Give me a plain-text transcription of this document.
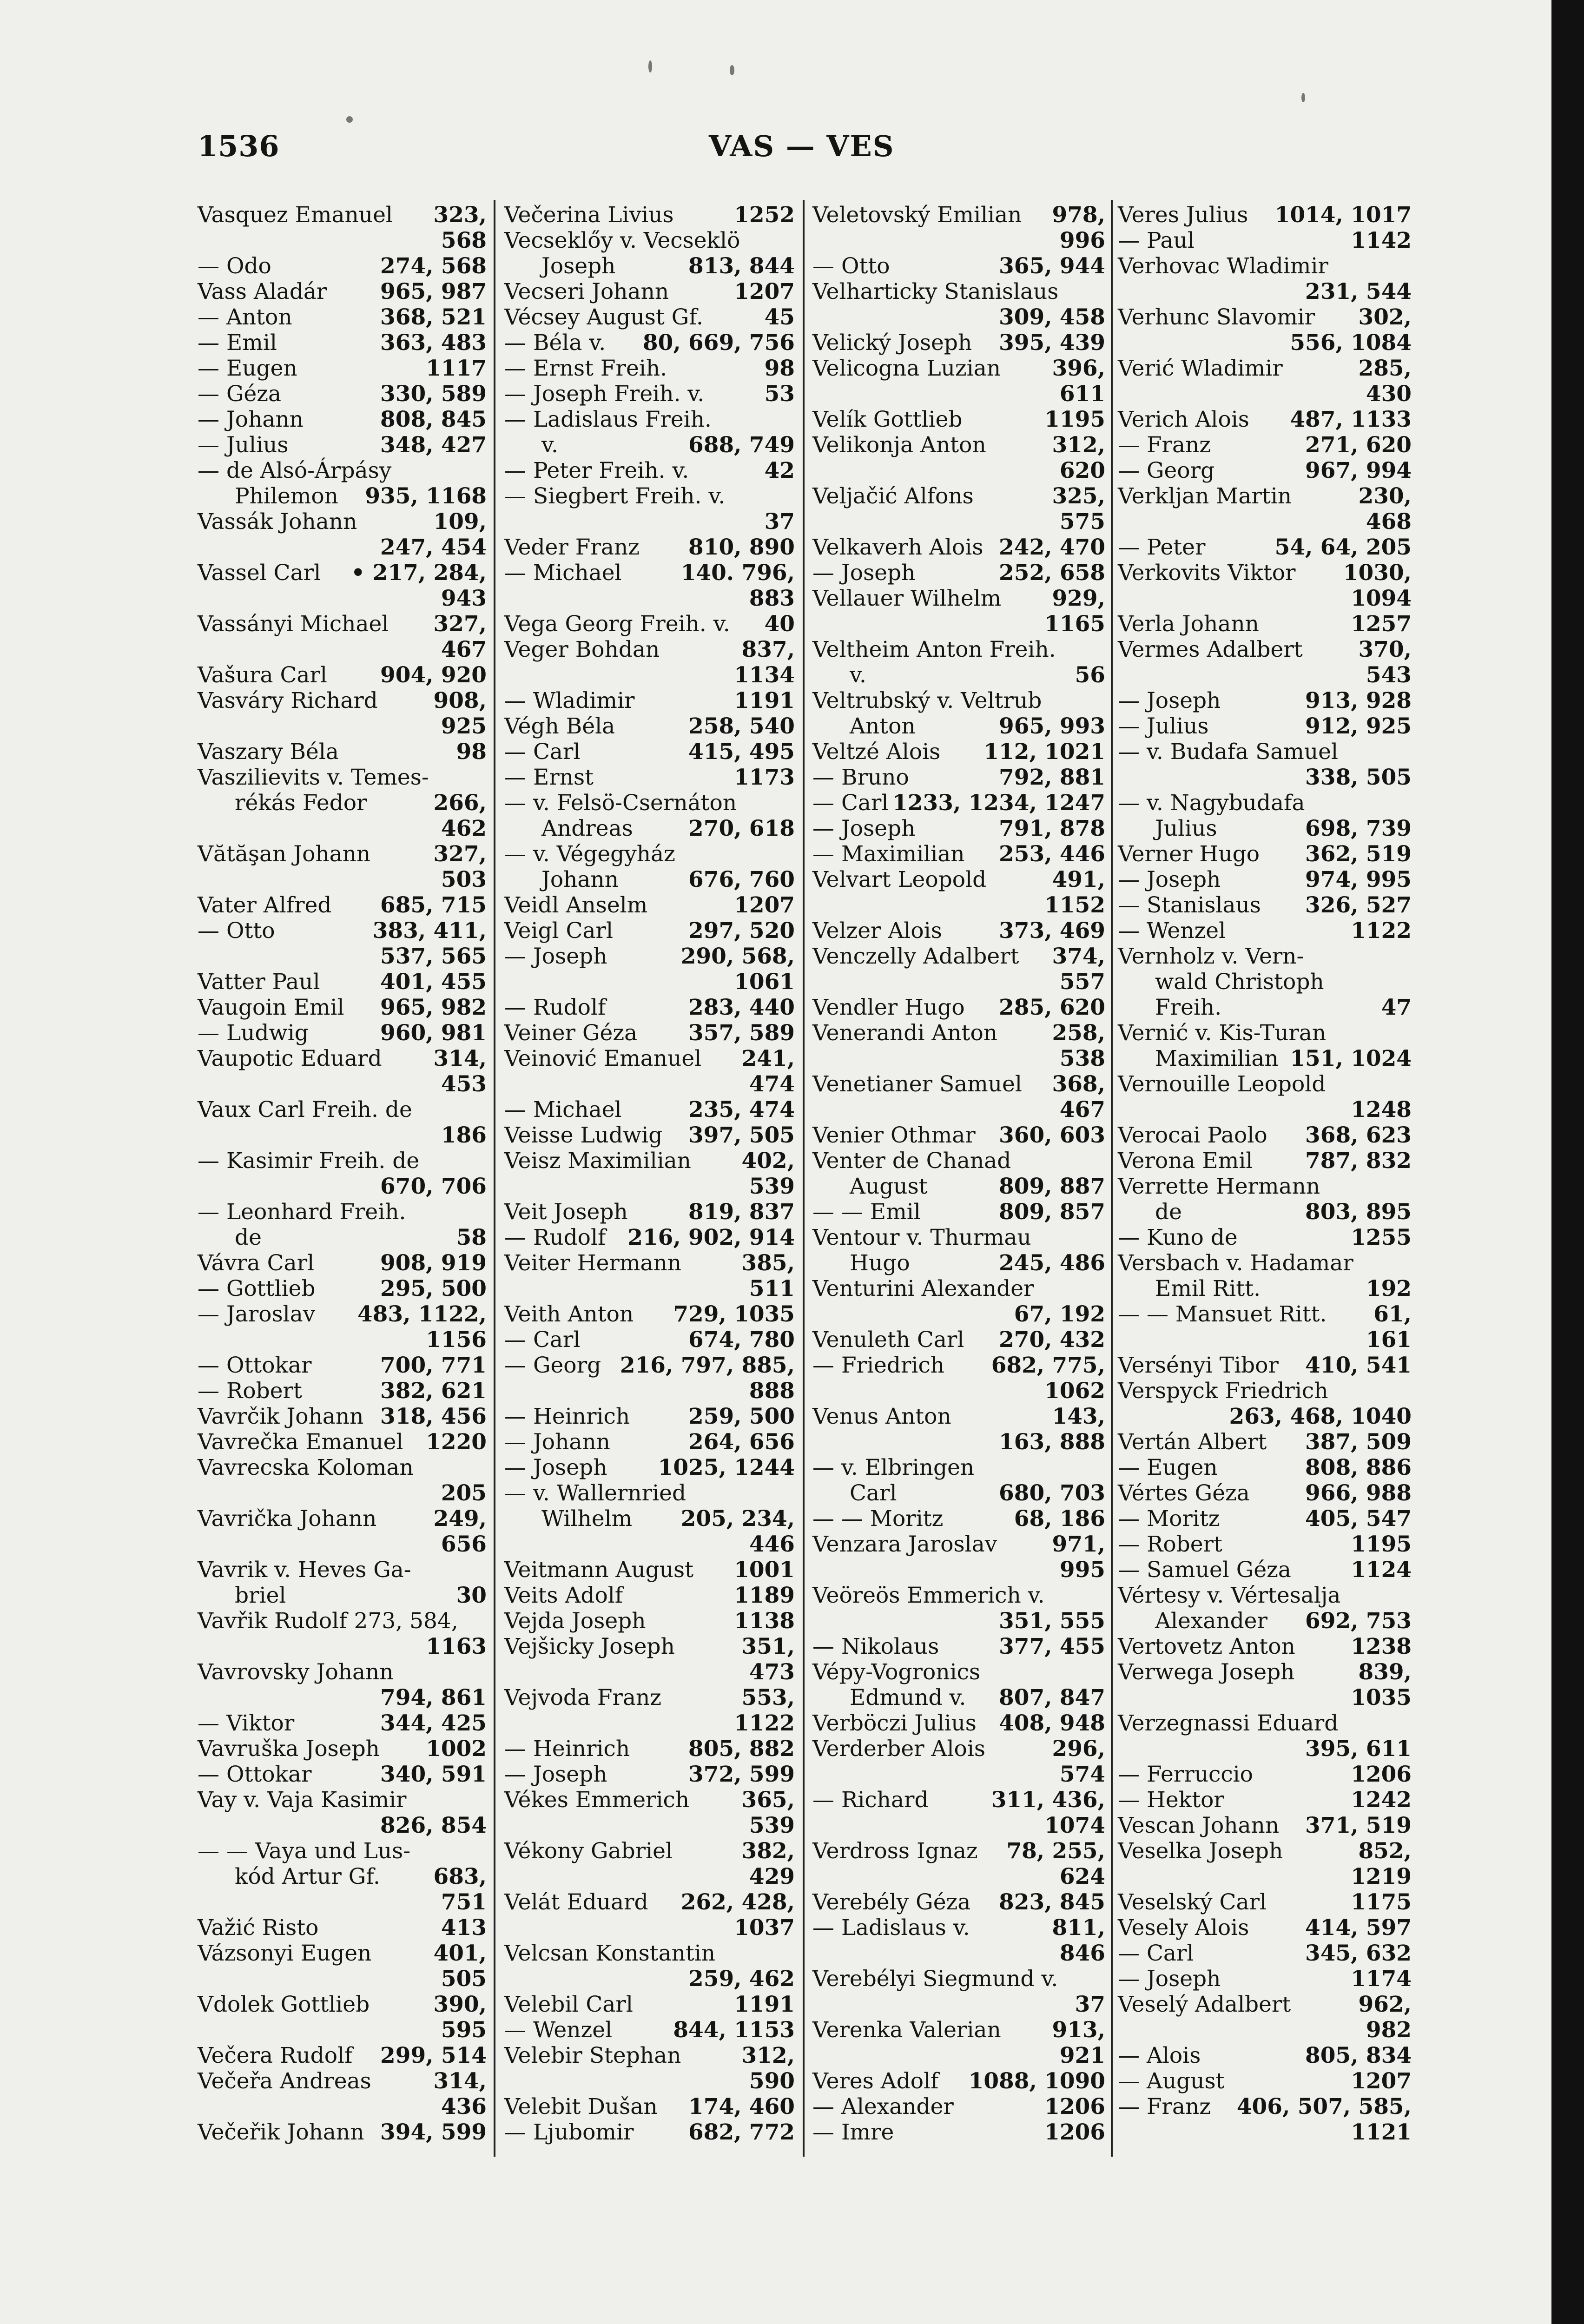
1536	VAS — VES
Vasquez Emanuel 323,
568
— Odo	274, 568
Vass Aladár 965, 987
— Anton	368, 521
— Emil	363, 483
— Eugen	1117
— Géza	330, 589
— Johann	808, 845
— Julius	348, 427
— de Alsó-Árpásy
Philemon 935, 1168
Vassák Johann	109,
247, 454
Vassel Carl • 217, 284,
943
Vassányi Michael 327,
467
Vašura Carl 904, 920
Vasváry Richard	908,
925
Vaszary Béla	98
Vaszilievits v. Temes-
rékás Fedor	266,
462
Vătăşan Johann	327,
503
Vater Alfred 685, 715
— Otto	383, 411,
537, 565
Vatter Paul	401, 455
Vaugoin Emil 965, 982
— Ludwig	960, 981
Vaupotic Eduard 314,
453
Vaux Carl Freih. de
186
— Kasimir Freih. de
670, 706
— Leonhard Freih.
de	58
Vávra Carl	908, 919
— Gottlieb	295, 500
— Jaroslav 483, 1122,
1156
— Ottokar	700, 771
— Robert	382, 621
Vavrčik Johann 318, 456
Vavrečka Emanuel 1220
Vavrecska Koloman
205
Vavrička Johann	249,
656
Vavrik v. Heves Ga-
briel	30
Vavřik Rudolf 273, 584,
1163
Vavrovsky Johann
794, 861
— Viktor	344, 425
Vavruška Joseph 1002
— Ottokar	340, 591
Vay v. Vaja Kasimir
826, 854
— — Vaya und Lus-
kód Artur Gf. 683,
751
Važić Risto	413
Vázsonyi Eugen	401,
505
Vdolek Gottlieb	390,
595
Večera Rudolf 299, 514
Večeřa Andreas	314,
436
Večeřik Johann 394, 599
Večerina Livius	1252
Vecseklőy v. Vecseklö
Joseph	813, 844
Vecseri Johann	1207
Vécsey August Gf.	45
— Béla v. 80, 669, 756
— Ernst Freih.	98
— Joseph Freih. v.	53
— Ladislaus Freih.
v.	688, 749
— Peter Freih. v.	42
— Siegbert Freih. v.
37
Veder Franz 810, 890
— Michael	140. 796,
883
Vega Georg Freih. v. 40
Veger Bohdan	837,
1134
— Wladimir	1191
Végh Béla	258, 540
— Carl	415, 495
— Ernst	1173
— v. Felsö-Csernáton
Andreas	270, 618
— v. Végegyház
Johann	676, 760
Veidl Anselm	1207
Veigl Carl	297, 520
— Joseph	290, 568,
1061
— Rudolf	283, 440
Veiner Géza 357, 589
Veinović Emanuel 241,
474
— Michael	235, 474
Veisse Ludwig 397, 505
Veisz Maximilian 402,
539
Veit Joseph	819, 837
— Rudolf 216, 902, 914
Veiter Hermann	385,
511
Veith Anton 729, 1035
— Carl	674, 780
— Georg 216, 797, 885,
888
— Heinrich	259, 500
— Johann	264, 656
— Joseph 1025, 1244
— v. Wallernried
Wilhelm 205, 234,
446
Veitmann August 1001
Veits Adolf	1189
Vejda Joseph	1138
Vejšicky Joseph	351,
473
Vejvoda Franz	553,
1122
— Heinrich	805, 882
— Joseph	372, 599
Vékes Emmerich 365,
539
Vékony Gabriel	382,
429
Velát Eduard 262, 428,
1037
Velcsan Konstantin
259, 462
Velebil Carl	1191
— Wenzel	844, 1153
Velebir Stephan	312,
590
Velebit Dušan 174, 460
— Ljubomir	682, 772
Veletovský Emilian 978,
996
— Otto	365, 944
Velharticky Stanislaus
309, 458
Velický Joseph 395, 439
Velicogna Luzian 396,
611
Velík Gottlieb	1195
Velikonja Anton	312,
620
Veljačić Alfons	325,
575
Velkaverh Alois 242, 470
— Joseph	252, 658
Vellauer Wilhelm 929,
1165
Veltheim Anton Freih.
v.	56
Veltrubský v. Veltrub
Anton	965, 993
Veltzé Alois 112, 1021
— Bruno	792, 881
— Carl 1233, 1234, 1247
— Joseph	791, 878
— Maximilian 253, 446
Velvart Leopold	491,
1152
Velzer Alois	373, 469
Venczelly Adalbert 374,
557
Vendler Hugo 285, 620
Venerandi Anton	258,
538
Venetianer Samuel 368,
467
Venier Othmar 360, 603
Venter de Chanad
August	809, 887
— — Emil	809, 857
Ventour v. Thurmau
Hugo	245, 486
Venturini Alexander
67, 192
Venuleth Carl 270, 432
— Friedrich 682, 775,
1062
Venus Anton	143,
163, 888
— v. Elbringen
Carl	680, 703
— — Moritz	68, 186
Venzara Jaroslav	971,
995
Veöreös Emmerich v.
351, 555
— Nikolaus	377, 455
Vépy-Vogronics
Edmund v. 807, 847
Verböczi Julius 408, 948
Verderber Alois	296,
574
— Richard	311, 436,
1074
Verdross Ignaz 78, 255,
624
Verebély Géza 823, 845
— Ladislaus v.	811,
846
Verebélyi Siegmund v.
37
Verenka Valerian 913,
921
Veres Adolf 1088, 1090
— Alexander	1206
— Imre	1206
Veres Julius 1014, 1017
— Paul	1142
Verhovac Wladimir
231, 544
Verhunc Slavomir 302,
556, 1084
Verić Wladimir	285,
430
Verich Alois 487, 1133
— Franz	271, 620
— Georg	967, 994
Verkljan Martin	230,
468
— Peter	54, 64, 205
Verkovits Viktor 1030,
1094
Verla Johann	1257
Vermes Adalbert	370,
543
— Joseph	913, 928
— Julius	912, 925
— v. Budafa Samuel
338, 505
— v. Nagybudafa
Julius	698, 739
Verner Hugo 362, 519
— Joseph	974, 995
— Stanislaus 326, 527
— Wenzel	1122
Vernholz v. Vern-
wald Christoph
Freih.	47
Vernić v. Kis-Turan
Maximilian 151, 1024
Vernouille Leopold
1248
Verocai Paolo 368, 623
Verona Emil 787, 832
Verrette Hermann
de	803, 895
— Kuno de	1255
Versbach v. Hadamar
Emil Ritt.	192
— — Mansuet Ritt. 61,
161
Versényi Tibor 410, 541
Verspyck Friedrich
263, 468, 1040
Vertán Albert 387, 509
— Eugen	808, 886
Vértes Géza	966, 988
— Moritz	405, 547
— Robert	1195
— Samuel Géza	1124
Vértesy v. Vértesalja
Alexander 692, 753
Vertovetz Anton	1238
Verwega Joseph	839,
1035
Verzegnassi Eduard
395, 611
— Ferruccio	1206
— Hektor	1242
Vescan Johann 371, 519
Veselka Joseph	852,
1219
Veselský Carl	1175
Vesely Alois	414, 597
— Carl	345, 632
— Joseph	1174
Veselý Adalbert	962,
982
— Alois	805, 834
— August	1207
— Franz 406, 507, 585,
1121
